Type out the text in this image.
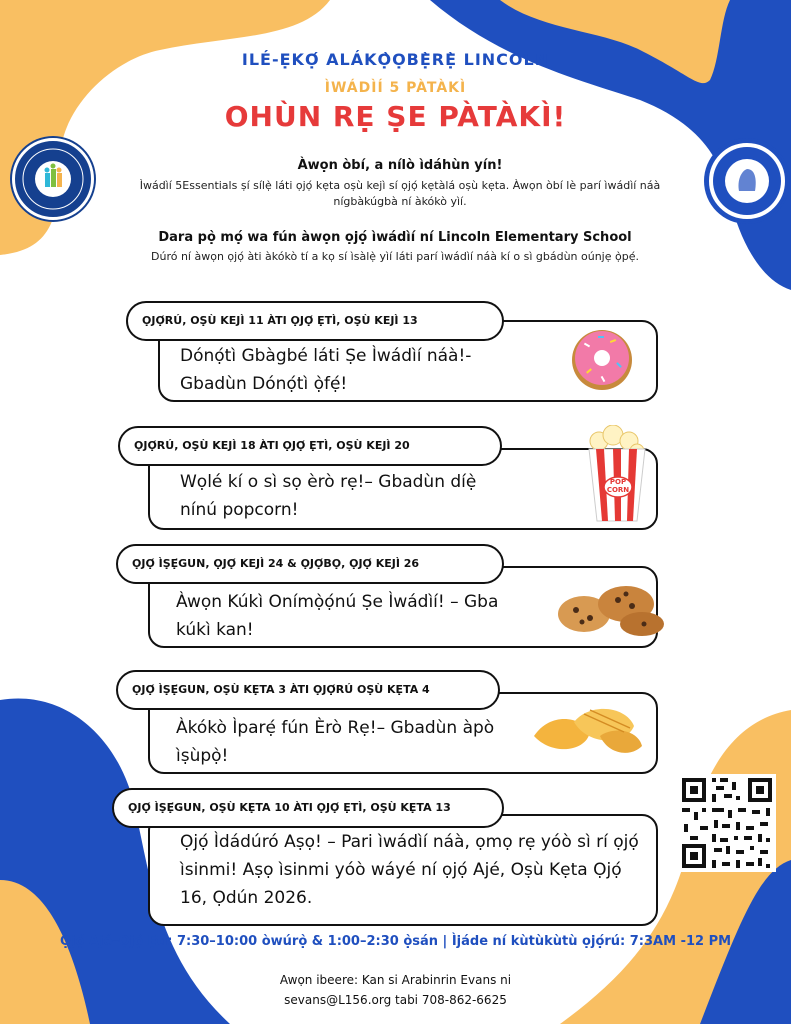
ILÉ-ẸKỌ́ ALÁKỌ̀ỌBẸ̀RẸ̀ LINCOLN
ÌWÁDÌÍ 5 PÀTÀKÌ
OHÙN RẸ ṢE PÀTÀKÌ!
Àwọn òbí, a nílò ìdáhùn yín!
Ìwádìí 5Essentials ṣí sílẹ̀ láti ọjọ́ kẹta oṣù kejì sí ọjọ́ kẹtàlá oṣù kẹta. Àwọn òbí lè parí ìwádìí náà nígbàkúgbà ní àkókò yìí.
Dara pọ̀ mọ́ wa fún àwọn ọjọ́ ìwádìí ní Lincoln Elementary School
Dúró ní àwọn ọjọ́ àti àkókò tí a kọ sí ìsàlẹ̀ yìí láti parí ìwádìí náà kí o sì gbádùn oúnjẹ ọ̀pẹ́.
Dónọ́tì Gbàgbé láti Ṣe Ìwádìí náà!-
Gbadùn Dónọ́tì ọ̀fẹ́!
ỌJỌ́RÚ, OṢÙ KEJÌ 11 ÀTI ỌJỌ́ ẸTÌ, OṢÙ KEJÌ 13
Wọlé kí o sì sọ èrò rẹ!– Gbadùn díẹ̀
nínú popcorn!
ỌJỌ́RÚ, OṢÙ KEJÌ 18 ÀTI ỌJỌ́ ẸTÌ, OṢÙ KEJÌ 20
POP CORN
Àwọn Kúkì Onímọ̀ọ́nú Ṣe Ìwádìí! – Gba
kúkì kan!
ỌJỌ́ ÌṢẸ́GUN, ỌJỌ́ KEJÌ 24 & ỌJỌ́BỌ, ỌJỌ́ KEJÌ 26
Àkókò Ìparẹ́ fún Èrò Rẹ!– Gbadùn àpò
ìṣùpọ̀!
ỌJỌ́ ÌṢẸ́GUN, OṢÙ KẸTA 3 ÀTI ỌJỌ́RÚ OṢÙ KẸTA 4
Ọjọ́ Ìdádúró Aṣọ! – Pari ìwádìí náà, ọmọ rẹ yóò sì rí ọjọ́
ìsinmi! Aṣọ ìsinmi yóò wáyé ní ọjọ́ Ajé, Oṣù Kẹta Ọjọ́
16, Ọdún 2026.
ỌJỌ́ ÌṢẸ́GUN, OṢÙ KẸTA 10 ÀTI ỌJỌ́ ẸTÌ, OṢÙ KẸTA 13
Ọjọ́ Ajé–Ọjọ́ Ẹtì: 7:30–10:00 òwúrọ̀ & 1:00–2:30 ọ̀sán | Ìjáde ní kùtùkùtù ọjọ́rú: 7:3AM -12 PM
Awọn ibeere: Kan si Arabinrin Evans ni
sevans@L156.org tabi 708-862-6625
